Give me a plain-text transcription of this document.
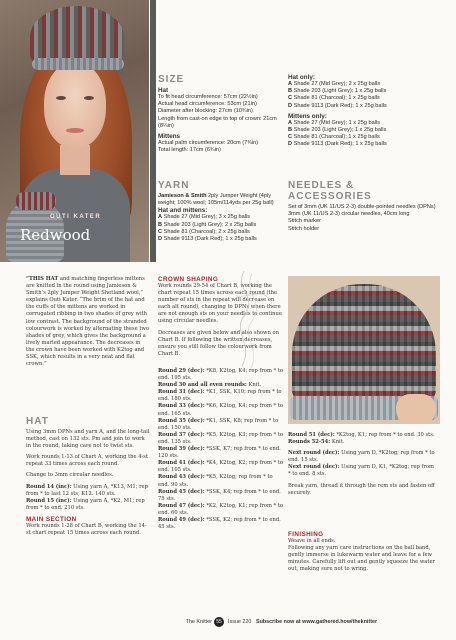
OUTI KATER
Redwood
SIZE
Hat
To fit head circumference: 57cm (22½in)
Actual head circumference: 53cm (21in)
Diameter after blocking: 27cm (10¾in)
Length from cast-on edge to top of crown: 21cm (8¼in)
Mittens
Actual palm circumference: 20cm (7¾in)
Total length: 17cm (6¾in)
Hat only:
A Shade 27 (Mid Grey); 2 x 25g balls
B Shade 203 (Light Grey); 1 x 25g balls
C Shade 81 (Charcoal); 1 x 25g balls
D Shade 9113 (Dark Red); 1 x 25g balls
Mittens only:
A Shade 27 (Mid Grey); 1 x 25g balls
B Shade 203 (Light Grey); 1 x 25g balls
C Shade 81 (Charcoal); 1 x 25g balls
D Shade 9113 (Dark Red); 1 x 25g balls
YARN
Jamieson & Smith 2ply Jumper Weight (4ply weight; 100% wool; 105m/114yds per 25g ball)
Hat and mittens:
A Shade 27 (Mid Grey); 3 x 25g balls
B Shade 203 (Light Grey); 2 x 25g balls
C Shade 81 (Charcoal); 2 x 25g balls
D Shade 9113 (Dark Red); 1 x 25g balls
NEEDLES & ACCESSORIES
Set of 3mm (UK 11/US 2-3) double-pointed needles (DPNs)
3mm (UK 11/US 2-3) circular needles, 40cm long
Stitch marker
Stitch holder
“THIS HAT and matching fingerless mittens are knitted in the round using Jamieson & Smith’s 2ply Jumper Weight Shetland wool,” explains Outi Kater. “The brim of the hat and the cuffs of the mittens are worked in corrugated ribbing in two shades of grey with low contrast. The background of the stranded colourwork is worked by alternating these two shades of grey, which gives the background a lively marled appearance. The decreases in the crown have been worked with K2tog and SSK, which results in a very neat and flat crown.”
HAT

Using 3mm DPNs and yarn A, and the long-tail method, cast on 132 sts. Pm and join to work in the round, taking care not to twist sts.

Work rounds 1-13 of Chart A, working the 4-st repeat 33 times across each round.

Change to 3mm circular needles.

Round 14 (inc): Using yarn A, *K13, M1; rep from * to last 12 sts, K12. 140 sts.

Round 15 (inc): Using yarn A, *K2, M1; rep from * to end. 210 sts.

MAIN SECTION
Work rounds 1-28 of Chart B, working the 14-st chart repeat 15 times across each round.
CROWN SHAPING

Work rounds 29-54 of Chart B, working the chart repeat 15 times across each round (the number of sts in the repeat will decrease on each alt round), changing to DPNs when there are not enough sts on your needles to continue using circular needles.

Decreases are given below and also shown on Chart B. If following the written decreases, ensure you still follow the colourwork from Chart B.

Round 29 (dec): *K8, K2tog, K4; rep from * to end. 195 sts.
Round 30 and all even rounds: Knit.
Round 31 (dec): *K1, SSK, K10; rep from * to end. 180 sts.
Round 33 (dec): *K6, K2tog, K4; rep from * to end. 165 sts.
Round 35 (dec): *K1, SSK, K8; rep from * to end. 150 sts.
Round 37 (dec): *K5, K2tog, K3; rep from * to end. 135 sts.
Round 39 (dec): *SSK, K7; rep from * to end. 120 sts.
Round 41 (dec): *K4, K2tog, K2; rep from * to end. 105 sts.
Round 43 (dec): *K5, K2tog; rep from * to end. 90 sts.
Round 45 (dec): *SSK, K4; rep from * to end. 75 sts.
Round 47 (dec): *K2, K2tog, K1; rep from * to end. 60 sts.
Round 49 (dec): *SSK, K2; rep from * to end. 45 sts.
Round 51 (dec): *K2tog, K1; rep from * to end. 30 sts.

Rounds 52-54: Knit.

Next round (dec): Using yarn D, *K2tog; rep from * to end. 15 sts.

Next round (dec): Using yarn D, K1, *K2tog; rep from * to end. 8 sts.

Break yarn, thread it through the rem sts and fasten off securely.

FINISHING
Weave in all ends.
Following any yarn care instructions on the ball band, gently immerse in lukewarm water and leave for a few minutes. Carefully lift out and gently squeeze the water out, making sure not to wring.
The Knitter 55	Issue 220 Subscribe now at www.gathered.how/theknitter
